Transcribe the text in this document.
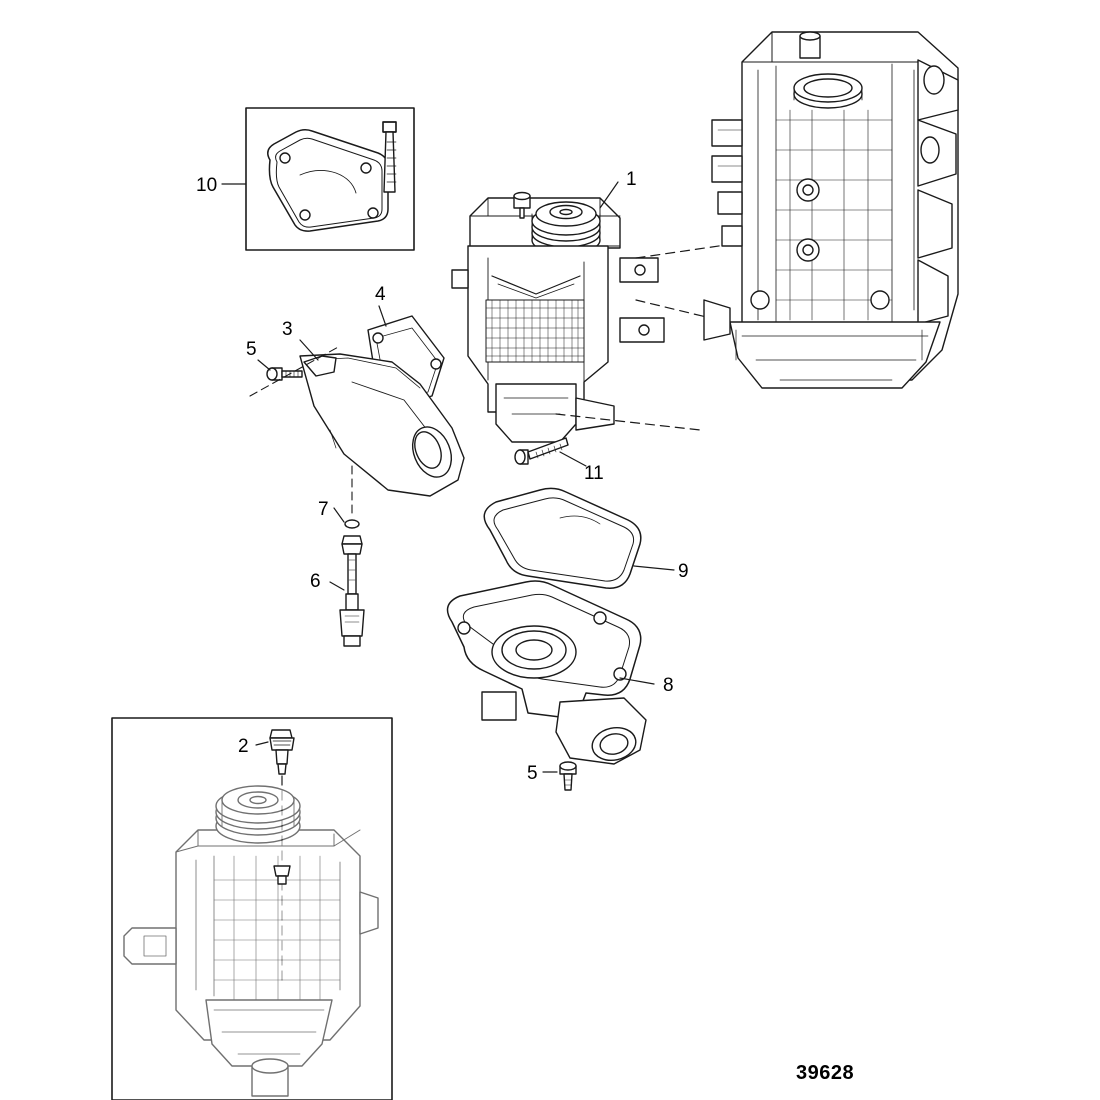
1
2
3
4
5
6
7
8
9
10
11
5
39628
